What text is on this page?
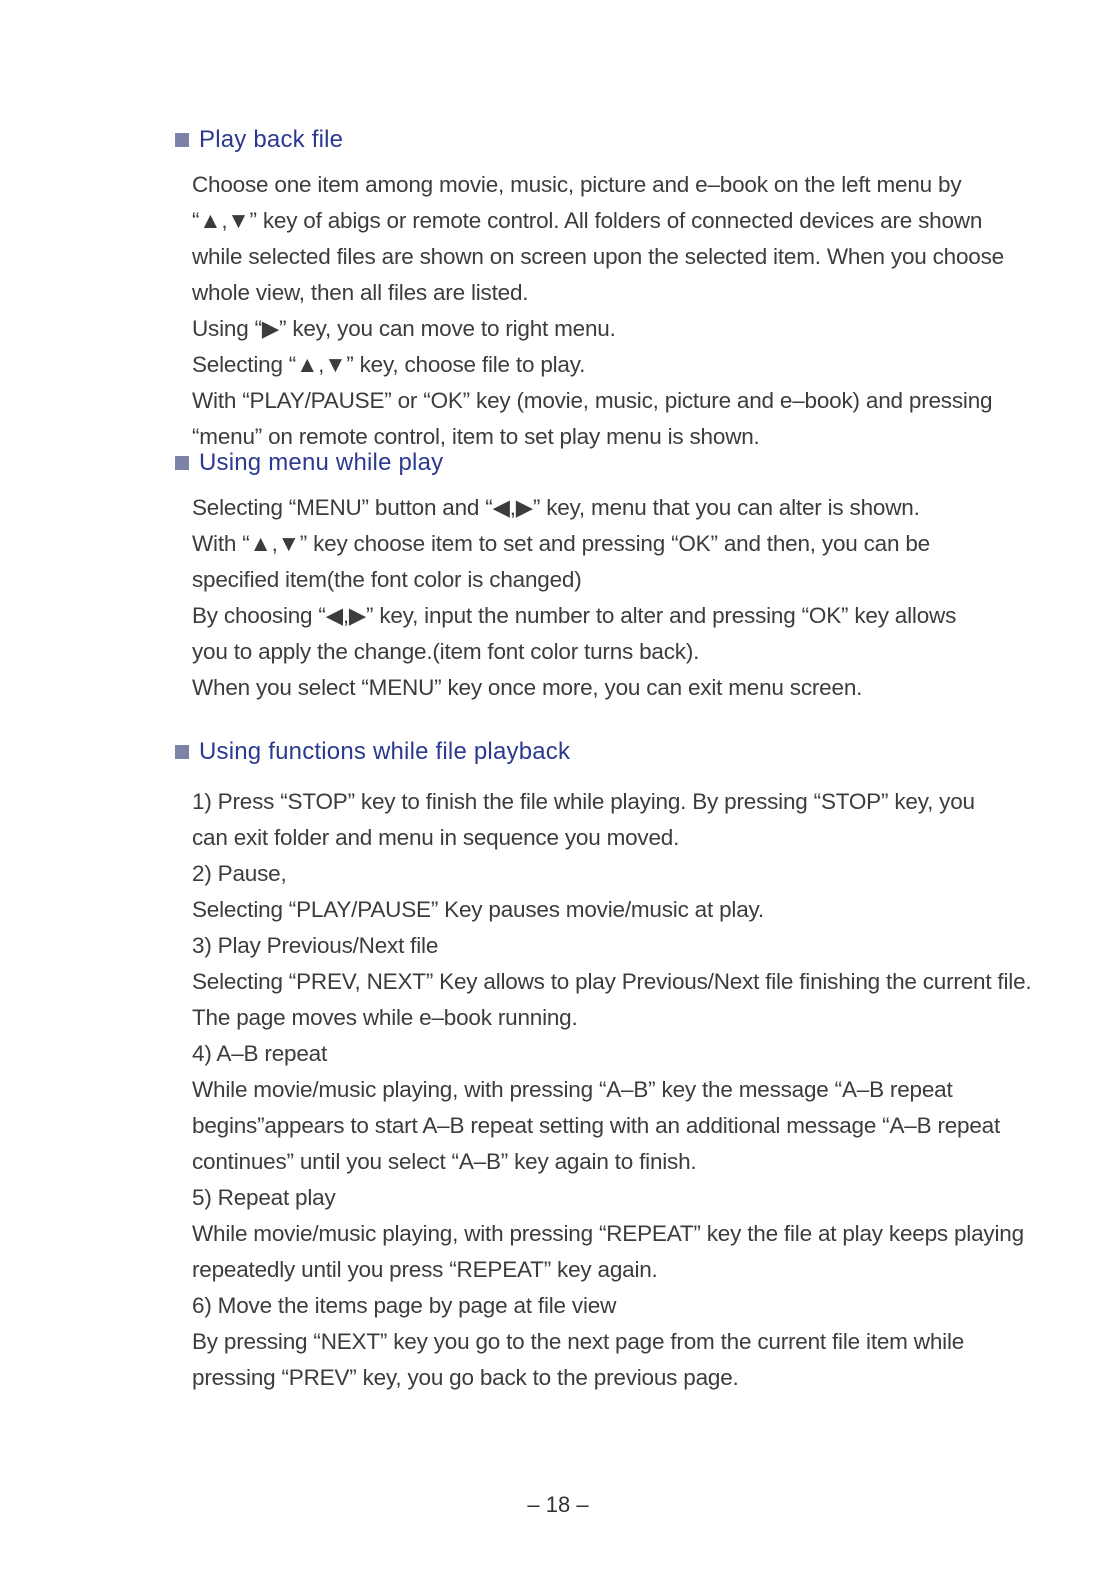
Play back file
Choose one item among movie, music, picture and e–book on the left menu by
“▲,▼” key of abigs or remote control. All folders of connected devices are shown
while selected files are shown on screen upon the selected item. When you choose
whole view, then all files are listed.
Using “▶” key, you can move to right menu.
Selecting “▲,▼” key, choose file to play.
With “PLAY/PAUSE” or “OK” key (movie, music, picture and e–book) and pressing
“menu” on remote control, item to set play menu is shown.
Using menu while play
Selecting “MENU” button and “◀,▶” key, menu that you can alter is shown.
With “▲,▼” key choose item to set and pressing “OK” and then, you can be
specified item(the font color is changed)
By choosing “◀,▶” key, input the number to alter and pressing “OK” key allows
you to apply the change.(item font color turns back).
When you select “MENU” key once more, you can exit menu screen.
Using functions while file playback
1) Press “STOP” key to finish the file while playing. By pressing “STOP” key, you
can exit folder and menu in sequence you moved.
2) Pause,
Selecting “PLAY/PAUSE” Key pauses movie/music at play.
3) Play Previous/Next file
Selecting “PREV, NEXT” Key allows to play Previous/Next file finishing the current file.
The page moves while e–book running.
4) A–B repeat
While movie/music playing, with pressing “A–B” key the message “A–B repeat
begins”appears to start A–B repeat setting with an additional message “A–B repeat
continues” until you select “A–B” key again to finish.
5) Repeat play
While movie/music playing, with pressing “REPEAT” key the file at play keeps playing
repeatedly until you press “REPEAT” key again.
6) Move the items page by page at file view
By pressing “NEXT” key you go to the next page from the current file item while
pressing “PREV” key, you go back to the previous page.
– 18 –
